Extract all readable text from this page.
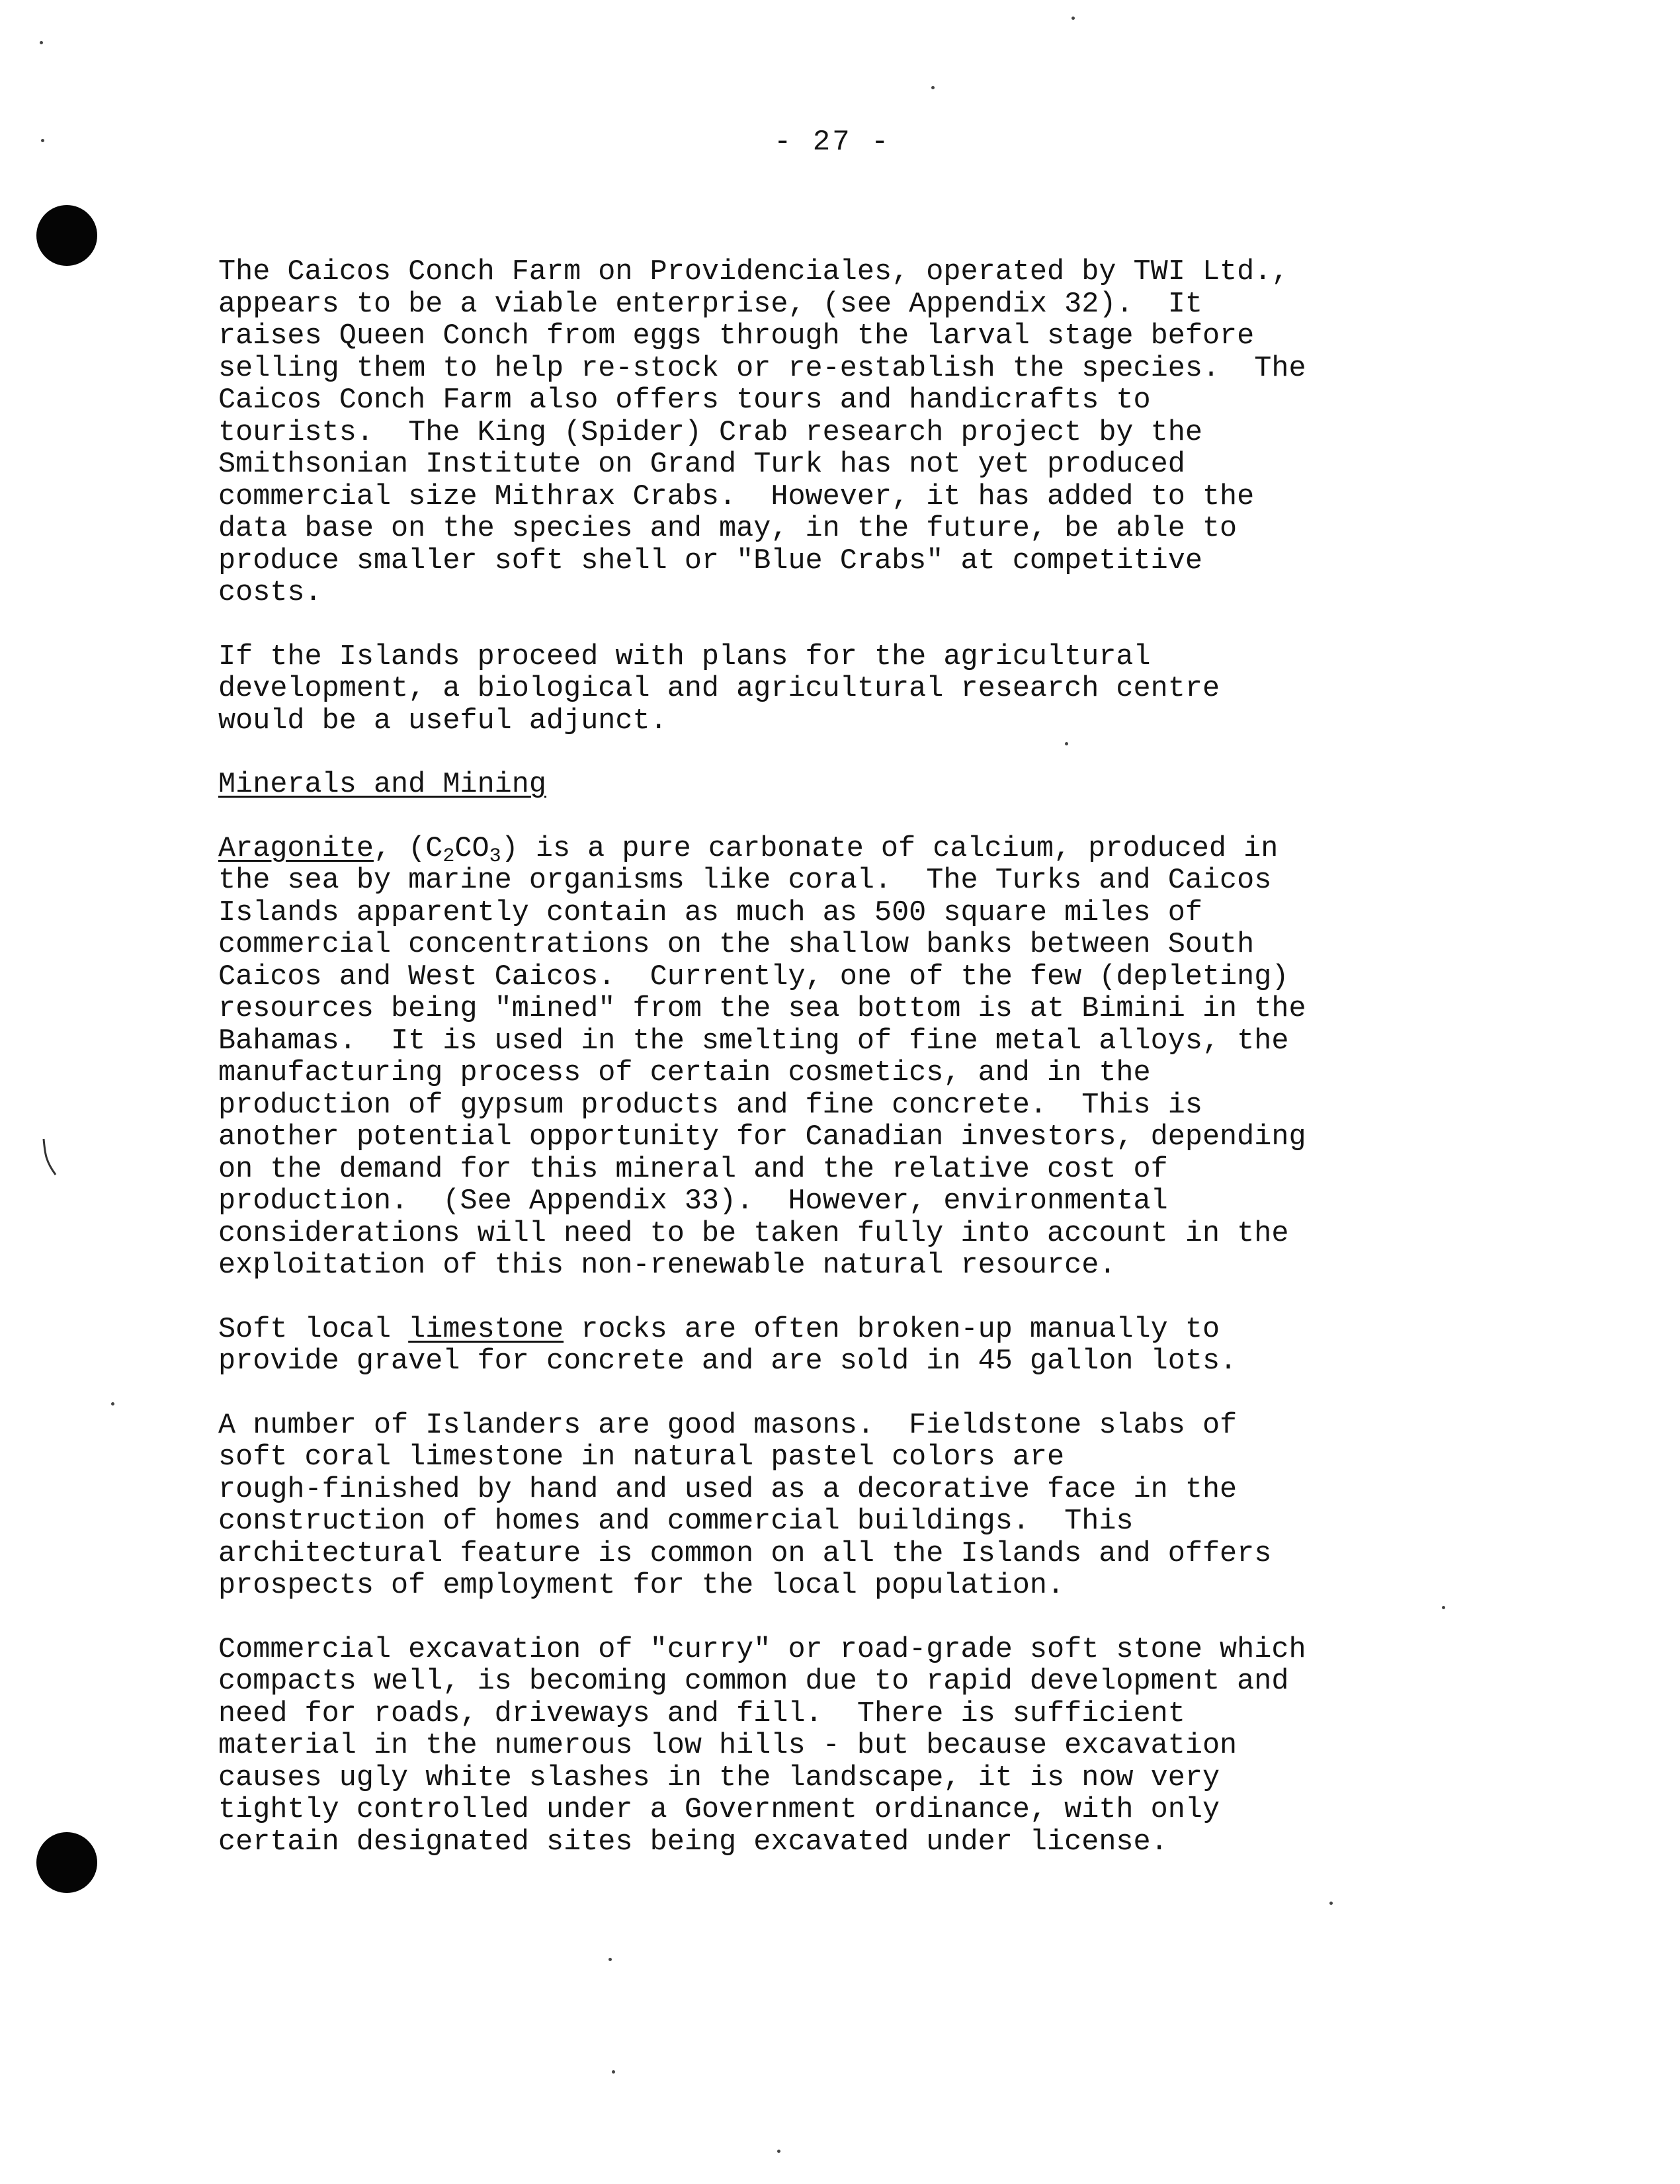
- 27 -
The Caicos Conch Farm on Providenciales, operated by TWI Ltd.,
appears to be a viable enterprise, (see Appendix 32).  It
raises Queen Conch from eggs through the larval stage before
selling them to help re-stock or re-establish the species.  The
Caicos Conch Farm also offers tours and handicrafts to
tourists.  The King (Spider) Crab research project by the
Smithsonian Institute on Grand Turk has not yet produced
commercial size Mithrax Crabs.  However, it has added to the
data base on the species and may, in the future, be able to
produce smaller soft shell or "Blue Crabs" at competitive
costs.
If the Islands proceed with plans for the agricultural
development, a biological and agricultural research centre
would be a useful adjunct.
Minerals and Mining
Aragonite, $(C_2CO_3)$ is a pure carbonate of calcium, produced in
the sea by marine organisms like coral.  The Turks and Caicos
Islands apparently contain as much as 500 square miles of
commercial concentrations on the shallow banks between South
Caicos and West Caicos.  Currently, one of the few (depleting)
resources being "mined" from the sea bottom is at Bimini in the
Bahamas.  It is used in the smelting of fine metal alloys, the
manufacturing process of certain cosmetics, and in the
production of gypsum products and fine concrete.  This is
another potential opportunity for Canadian investors, depending
on the demand for this mineral and the relative cost of
production.  (See Appendix 33).  However, environmental
considerations will need to be taken fully into account in the
exploitation of this non-renewable natural resource.
Soft local limestone rocks are often broken-up manually to
provide gravel for concrete and are sold in 45 gallon lots.
A number of Islanders are good masons.  Fieldstone slabs of
soft coral limestone in natural pastel colors are
rough-finished by hand and used as a decorative face in the
construction of homes and commercial buildings.  This
architectural feature is common on all the Islands and offers
prospects of employment for the local population.
Commercial excavation of "curry" or road-grade soft stone which
compacts well, is becoming common due to rapid development and
need for roads, driveways and fill.  There is sufficient
material in the numerous low hills - but because excavation
causes ugly white slashes in the landscape, it is now very
tightly controlled under a Government ordinance, with only
certain designated sites being excavated under license.
